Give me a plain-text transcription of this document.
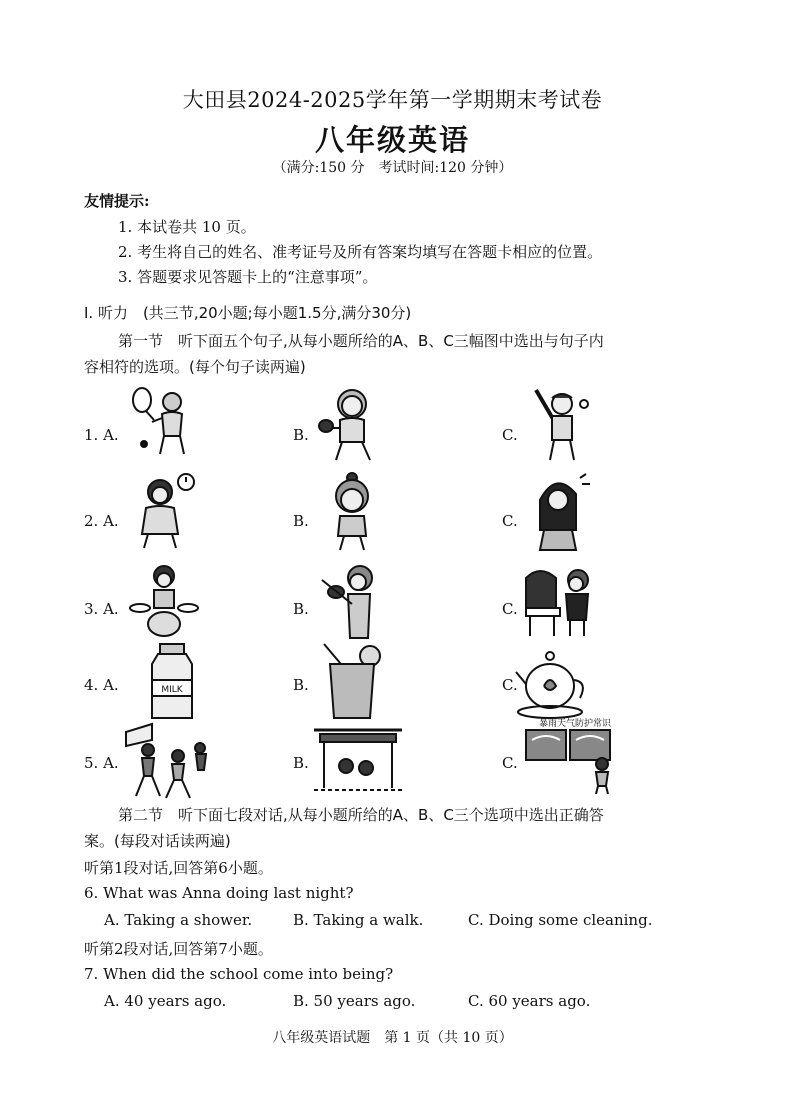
大田县2024-2025学年第一学期期末考试卷
八年级英语
（满分:150 分　考试时间:120 分钟）
友情提示:
1. 本试卷共 10 页。
2. 考生将自己的姓名、准考证号及所有答案均填写在答题卡相应的位置。
3. 答题要求见答题卡上的“注意事项”。
Ⅰ. 听力　(共三节,20小题;每小题1.5分,满分30分)
第一节　听下面五个句子,从每小题所给的A、B、C三幅图中选出与句子内
容相符的选项。(每个句子读两遍)
1. A.	B.	C.
2. A.	B.	C.
3. A.	B.	C.
4. A.	B.	C.
MILK
5. A.	B.	C.
暴雨天气防护常识
第二节　听下面七段对话,从每小题所给的A、B、C三个选项中选出正确答
案。(每段对话读两遍)
听第1段对话,回答第6小题。
6. What was Anna doing last night?
A. Taking a shower.	B. Taking a walk.	C. Doing some cleaning.
听第2段对话,回答第7小题。
7. When did the school come into being?
A. 40 years ago.	B. 50 years ago.	C. 60 years ago.
八年级英语试题　第 1 页（共 10 页）
